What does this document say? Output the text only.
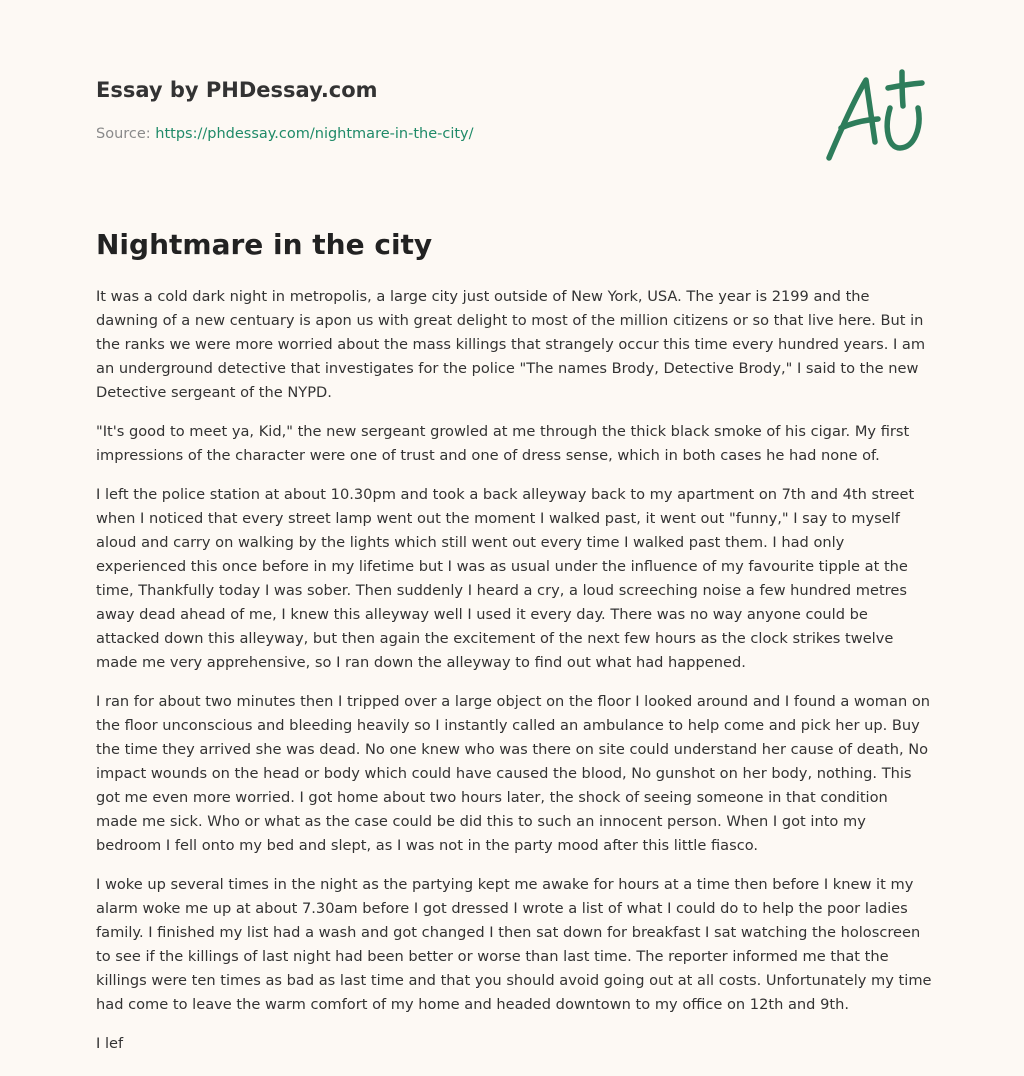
Essay by PHDessay.com
Source: https://phdessay.com/nightmare-in-the-city/
Nightmare in the city

It was a cold dark night in metropolis, a large city just outside of New York, USA. The year is 2199 and the dawning of a new centuary is apon us with great delight to most of the million citizens or so that live here. But in the ranks we were more worried about the mass killings that strangely occur this time every hundred years. I am an underground detective that investigates for the police "The names Brody, Detective Brody," I said to the new Detective sergeant of the NYPD.

"It's good to meet ya, Kid," the new sergeant growled at me through the thick black smoke of his cigar. My first impressions of the character were one of trust and one of dress sense, which in both cases he had none of.

I left the police station at about 10.30pm and took a back alleyway back to my apartment on 7th and 4th street when I noticed that every street lamp went out the moment I walked past, it went out "funny," I say to myself aloud and carry on walking by the lights which still went out every time I walked past them. I had only experienced this once before in my lifetime but I was as usual under the influence of my favourite tipple at the time, Thankfully today I was sober. Then suddenly I heard a cry, a loud screeching noise a few hundred metres away dead ahead of me, I knew this alleyway well I used it every day. There was no way anyone could be attacked down this alleyway, but then again the excitement of the next few hours as the clock strikes twelve made me very apprehensive, so I ran down the alleyway to find out what had happened.

I ran for about two minutes then I tripped over a large object on the floor I looked around and I found a woman on the floor unconscious and bleeding heavily so I instantly called an ambulance to help come and pick her up. Buy the time they arrived she was dead. No one knew who was there on site could understand her cause of death, No impact wounds on the head or body which could have caused the blood, No gunshot on her body, nothing. This got me even more worried. I got home about two hours later, the shock of seeing someone in that condition made me sick. Who or what as the case could be did this to such an innocent person. When I got into my bedroom I fell onto my bed and slept, as I was not in the party mood after this little fiasco.

I woke up several times in the night as the partying kept me awake for hours at a time then before I knew it my alarm woke me up at about 7.30am before I got dressed I wrote a list of what I could do to help the poor ladies family. I finished my list had a wash and got changed I then sat down for breakfast I sat watching the holoscreen to see if the killings of last night had been better or worse than last time. The reporter informed me that the killings were ten times as bad as last time and that you should avoid going out at all costs. Unfortunately my time had come to leave the warm comfort of my home and headed downtown to my office on 12th and 9th.

I lef
